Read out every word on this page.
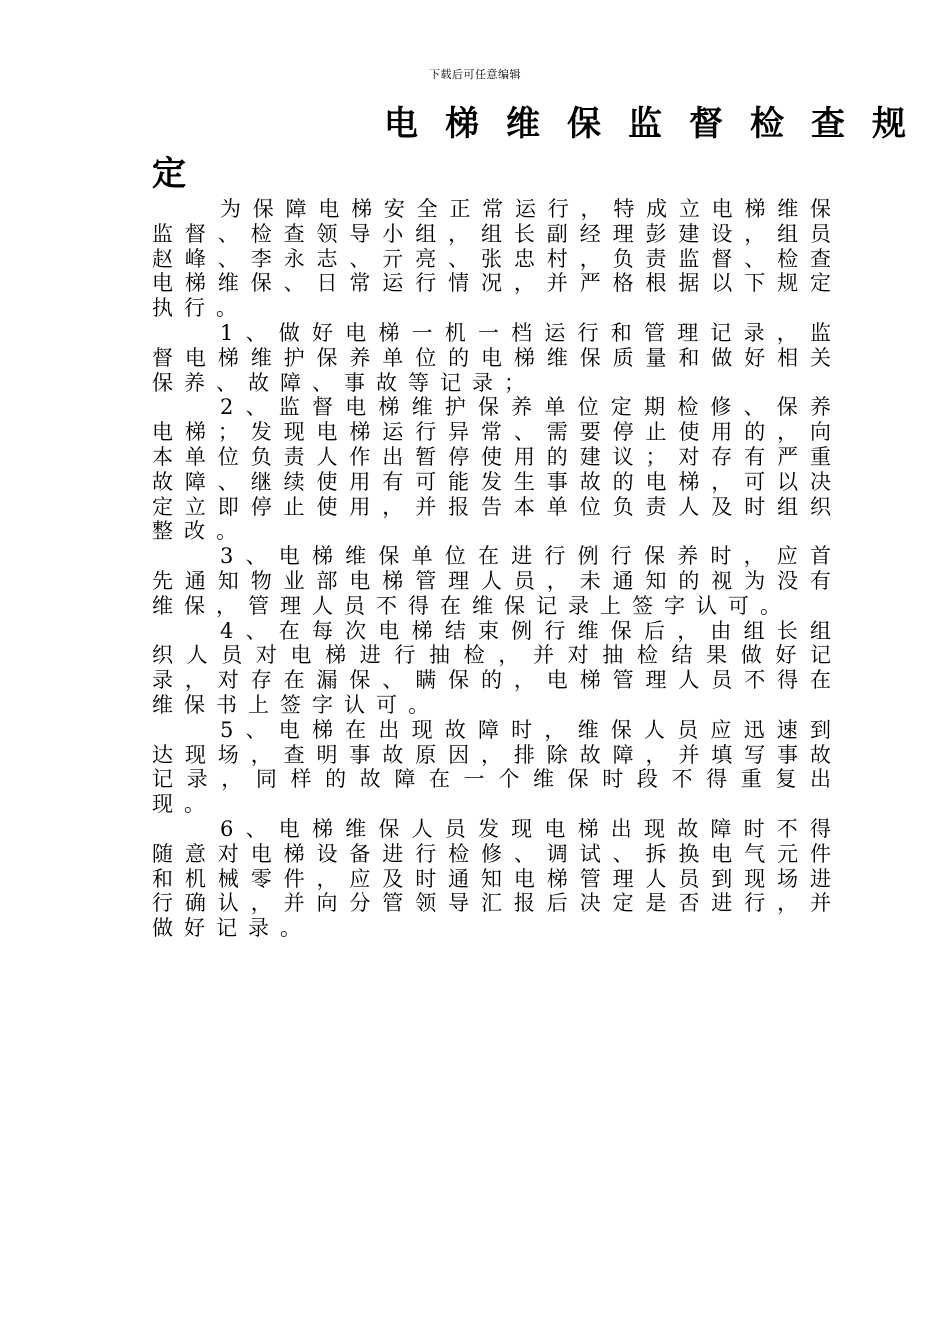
下载后可任意编辑
电梯维保监督检查规
定

为保障电梯安全正常运行，特成立电梯维保监督、检查领导小组，组长副经理彭建设，组员赵峰、李永志、亓亮、张忠村，负责监督、检查电梯维保、日常运行情况，并严格根据以下规定执行。

1、做好电梯一机一档运行和管理记录，监督电梯维护保养单位的电梯维保质量和做好相关保养、故障、事故等记录；

2、监督电梯维护保养单位定期检修、保养电梯；发现电梯运行异常、需要停止使用的，向本单位负责人作出暂停使用的建议；对存有严重故障、继续使用有可能发生事故的电梯，可以决定立即停止使用，并报告本单位负责人及时组织整改。

3、电梯维保单位在进行例行保养时，应首先通知物业部电梯管理人员，未通知的视为没有维保，管理人员不得在维保记录上签字认可。

4、在每次电梯结束例行维保后，由组长组织人员对电梯进行抽检，并对抽检结果做好记录，对存在漏保、瞒保的，电梯管理人员不得在维保书上签字认可。

5、电梯在出现故障时，维保人员应迅速到达现场，查明事故原因，排除故障，并填写事故记录，同样的故障在一个维保时段不得重复出现。

6、电梯维保人员发现电梯出现故障时不得随意对电梯设备进行检修、调试、拆换电气元件和机械零件，应及时通知电梯管理人员到现场进行确认，并向分管领导汇报后决定是否进行，并做好记录。
